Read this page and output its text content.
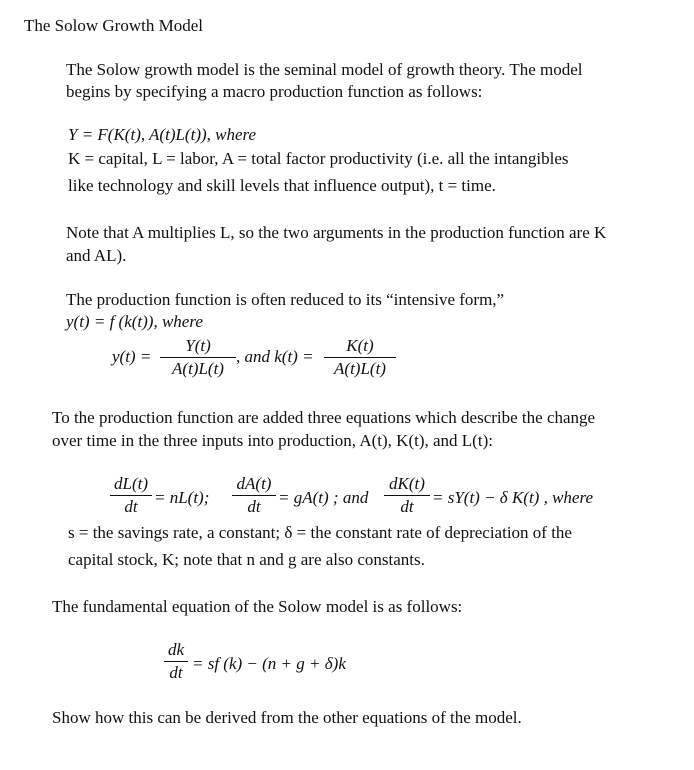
The Solow Growth Model
The Solow growth model is the seminal model of growth theory. The model
begins by specifying a macro production function as follows:
Y = F(K(t), A(t)L(t)), where
K = capital, L = labor, A = total factor productivity (i.e. all the intangibles
like technology and skill levels that influence output), t = time.
Note that A multiplies L, so the two arguments in the production function are K
and AL).
The production function is often reduced to its “intensive form,”
y(t) = f (k(t)), where
y(t) =
Y(t)
A(t)L(t)
, and k(t) =
K(t)
A(t)L(t)
To the production function are added three equations which describe the change
over time in the three inputs into production, A(t), K(t), and L(t):
dL(t)
dt = nL(t);
dA(t)
dt	= gA(t) ; and
dK(t)
dt	= sY(t) − δ K(t) , where
s = the savings rate, a constant; δ = the constant rate of depreciation of the
capital stock, K; note that n and g are also constants.
The fundamental equation of the Solow model is as follows:
dk
dt = sf (k) − (n + g + δ)k
Show how this can be derived from the other equations of the model.
